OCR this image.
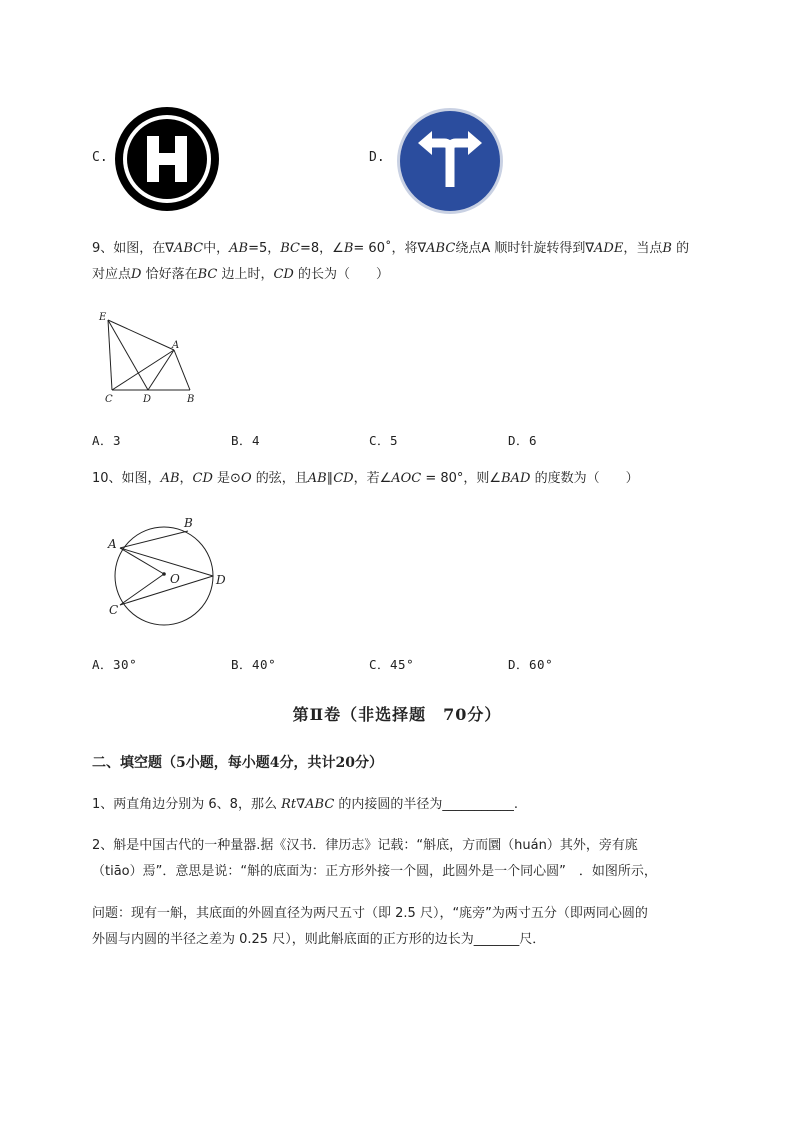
C.	D.
9、如图，在∇ABC中，AB=5，BC=8，∠B= 60˚，将∇ABC绕点A 顺时针旋转得到∇ADE，当点B 的
对应点D 恰好落在BC 边上时，CD 的长为（　　）
E
A
C	D	B
A．3	B．4	C．5	D．6
10、如图，AB，CD 是⊙O 的弦，且AB∥CD，若∠AOC = 80°，则∠BAD 的度数为（　　）
A
B
C
D
O
A．30°	B．40°	C．45°	D．60°
第Ⅱ卷（非选择题　70分）
二、填空题（5小题，每小题4分，共计20分）
1、两直角边分别为 6、8，那么 Rt∇ABC 的内接圆的半径为___________.
2、斛是中国古代的一种量器.据《汉书．律历志》记载：“斛底，方而圜（huán）其外，旁有庣
（tiāo）焉”．意思是说：“斛的底面为：正方形外接一个圆，此圆外是一个同心圆”　．如图所示，
问题：现有一斛，其底面的外圆直径为两尺五寸（即 2.5 尺），“庣旁”为两寸五分（即两同心圆的
外圆与内圆的半径之差为 0.25 尺），则此斛底面的正方形的边长为_______尺．
